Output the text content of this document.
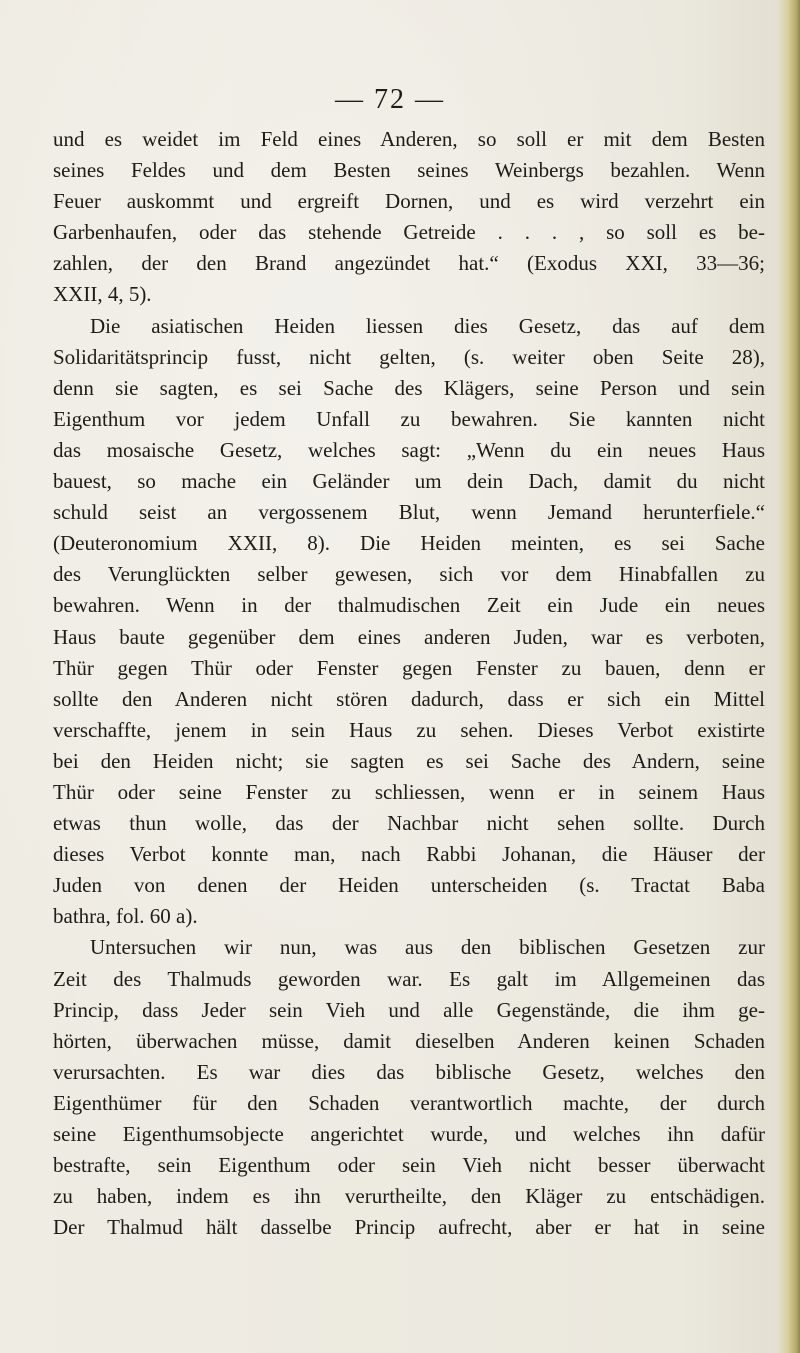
— 72 —
und es weidet im Feld eines Anderen, so soll er mit dem Besten
seines Feldes und dem Besten seines Weinbergs bezahlen. Wenn
Feuer auskommt und ergreift Dornen, und es wird verzehrt ein
Garbenhaufen, oder das stehende Getreide . . . , so soll es be-
zahlen, der den Brand angezündet hat.“ (Exodus XXI, 33—36;
XXII, 4, 5).
Die asiatischen Heiden liessen dies Gesetz, das auf dem
Solidaritätsprincip fusst, nicht gelten, (s. weiter oben Seite 28),
denn sie sagten, es sei Sache des Klägers, seine Person und sein
Eigenthum vor jedem Unfall zu bewahren. Sie kannten nicht
das mosaische Gesetz, welches sagt: „Wenn du ein neues Haus
bauest, so mache ein Geländer um dein Dach, damit du nicht
schuld seist an vergossenem Blut, wenn Jemand herunterfiele.“
(Deuteronomium XXII, 8). Die Heiden meinten, es sei Sache
des Verunglückten selber gewesen, sich vor dem Hinabfallen zu
bewahren. Wenn in der thalmudischen Zeit ein Jude ein neues
Haus baute gegenüber dem eines anderen Juden, war es verboten,
Thür gegen Thür oder Fenster gegen Fenster zu bauen, denn er
sollte den Anderen nicht stören dadurch, dass er sich ein Mittel
verschaffte, jenem in sein Haus zu sehen. Dieses Verbot existirte
bei den Heiden nicht; sie sagten es sei Sache des Andern, seine
Thür oder seine Fenster zu schliessen, wenn er in seinem Haus
etwas thun wolle, das der Nachbar nicht sehen sollte. Durch
dieses Verbot konnte man, nach Rabbi Johanan, die Häuser der
Juden von denen der Heiden unterscheiden (s. Tractat Baba
bathra, fol. 60 a).
Untersuchen wir nun, was aus den biblischen Gesetzen zur
Zeit des Thalmuds geworden war. Es galt im Allgemeinen das
Princip, dass Jeder sein Vieh und alle Gegenstände, die ihm ge-
hörten, überwachen müsse, damit dieselben Anderen keinen Schaden
verursachten. Es war dies das biblische Gesetz, welches den
Eigenthümer für den Schaden verantwortlich machte, der durch
seine Eigenthumsobjecte angerichtet wurde, und welches ihn dafür
bestrafte, sein Eigenthum oder sein Vieh nicht besser überwacht
zu haben, indem es ihn verurtheilte, den Kläger zu entschädigen.
Der Thalmud hält dasselbe Princip aufrecht, aber er hat in seine
